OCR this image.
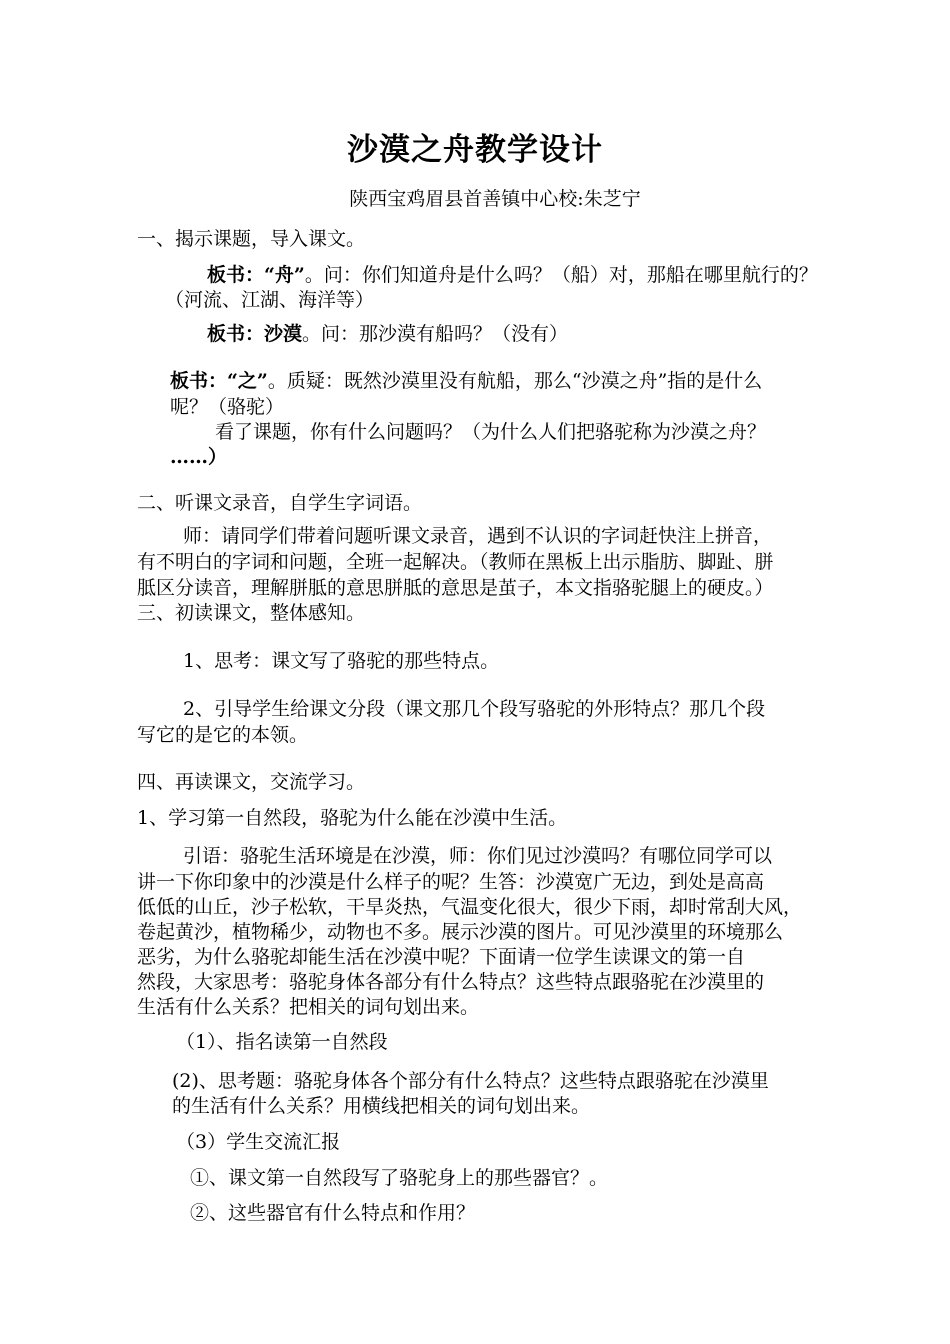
沙漠之舟教学设计
陕西宝鸡眉县首善镇中心校:朱芝宁
一、揭示课题，导入课文。
板书：“舟”。问：你们知道舟是什么吗？（船）对，那船在哪里航行的？
（河流、江湖、海洋等）
板书：沙漠。问：那沙漠有船吗？（没有）
板书：“之”。质疑：既然沙漠里没有航船，那么“沙漠之舟”指的是什么
呢？（骆驼）
看了课题，你有什么问题吗？（为什么人们把骆驼称为沙漠之舟？
……）
二、听课文录音，自学生字词语。
师：请同学们带着问题听课文录音，遇到不认识的字词赶快注上拼音，
有不明白的字词和问题，全班一起解决。（教师在黑板上出示脂肪、脚趾、胼
胝区分读音，理解胼胝的意思胼胝的意思是茧子，本文指骆驼腿上的硬皮。）
三、初读课文，整体感知。
1、思考：课文写了骆驼的那些特点。
2、引导学生给课文分段（课文那几个段写骆驼的外形特点？那几个段
写它的是它的本领。
四、再读课文，交流学习。
1、学习第一自然段，骆驼为什么能在沙漠中生活。
引语：骆驼生活环境是在沙漠，师：你们见过沙漠吗？有哪位同学可以
讲一下你印象中的沙漠是什么样子的呢？生答：沙漠宽广无边，到处是高高
低低的山丘，沙子松软，干旱炎热，气温变化很大，很少下雨，却时常刮大风，
卷起黄沙，植物稀少，动物也不多。展示沙漠的图片。可见沙漠里的环境那么
恶劣，为什么骆驼却能生活在沙漠中呢？下面请一位学生读课文的第一自
然段，大家思考：骆驼身体各部分有什么特点？这些特点跟骆驼在沙漠里的
生活有什么关系？把相关的词句划出来。
（1）、指名读第一自然段
(2)、思考题：骆驼身体各个部分有什么特点？这些特点跟骆驼在沙漠里
的生活有什么关系？用横线把相关的词句划出来。
（3）学生交流汇报
①、课文第一自然段写了骆驼身上的那些器官？。
②、这些器官有什么特点和作用？
